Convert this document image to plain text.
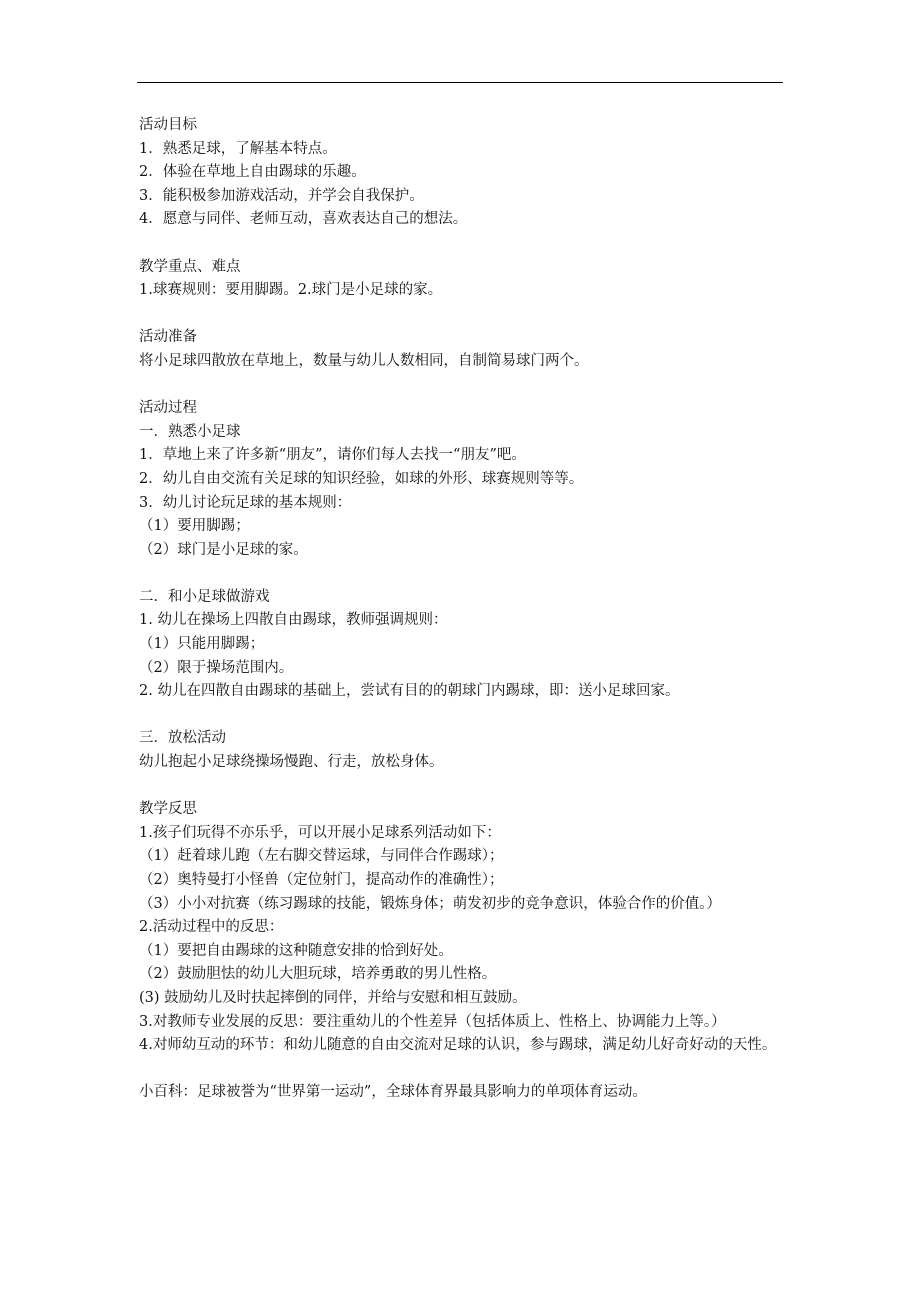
活动目标
1．熟悉足球，了解基本特点。
2．体验在草地上自由踢球的乐趣。
3．能积极参加游戏活动，并学会自我保护。
4．愿意与同伴、老师互动，喜欢表达自己的想法。
教学重点、难点
1.球赛规则：要用脚踢。2.球门是小足球的家。
活动准备
将小足球四散放在草地上，数量与幼儿人数相同，自制简易球门两个。
活动过程
一．熟悉小足球
1．草地上来了许多新“朋友”，请你们每人去找一“朋友”吧。
2．幼儿自由交流有关足球的知识经验，如球的外形、球赛规则等等。
3．幼儿讨论玩足球的基本规则：
（1）要用脚踢；
（2）球门是小足球的家。
二．和小足球做游戏
1. 幼儿在操场上四散自由踢球，教师强调规则：
（1）只能用脚踢；
（2）限于操场范围内。
2. 幼儿在四散自由踢球的基础上，尝试有目的的朝球门内踢球，即：送小足球回家。
三．放松活动
幼儿抱起小足球绕操场慢跑、行走，放松身体。
教学反思
1.孩子们玩得不亦乐乎，可以开展小足球系列活动如下：
（1）赶着球儿跑（左右脚交替运球，与同伴合作踢球）；
（2）奥特曼打小怪兽（定位射门，提高动作的准确性）；
（3）小小对抗赛（练习踢球的技能，锻炼身体；萌发初步的竞争意识，体验合作的价值。）
2.活动过程中的反思：
（1）要把自由踢球的这种随意安排的恰到好处。
（2）鼓励胆怯的幼儿大胆玩球，培养勇敢的男儿性格。
(3) 鼓励幼儿及时扶起摔倒的同伴，并给与安慰和相互鼓励。
3.对教师专业发展的反思：要注重幼儿的个性差异（包括体质上、性格上、协调能力上等。）
4.对师幼互动的环节：和幼儿随意的自由交流对足球的认识，参与踢球，满足幼儿好奇好动的天性。
小百科：足球被誉为“世界第一运动”，全球体育界最具影响力的单项体育运动。
